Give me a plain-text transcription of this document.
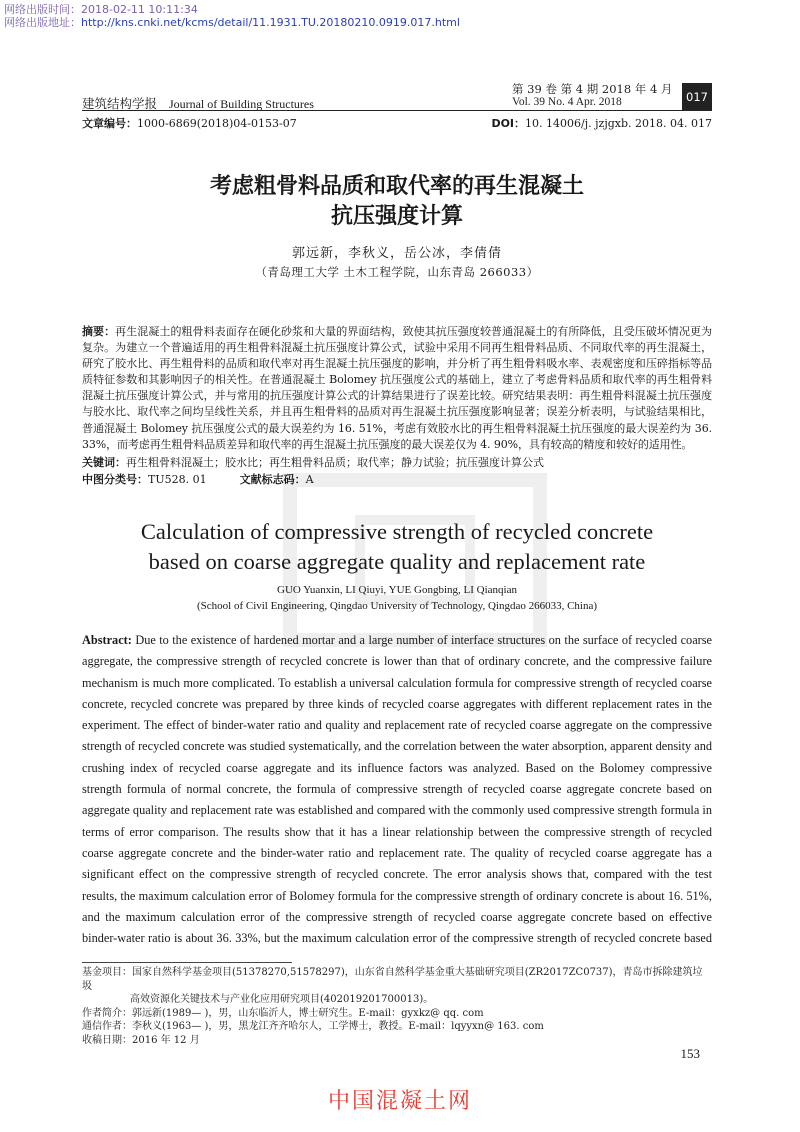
网络出版时间：2018-02-11 10:11:34
网络出版地址：http://kns.cnki.net/kcms/detail/11.1931.TU.20180210.0919.017.html
建筑结构学报 Journal of Building Structures
第 39 卷 第 4 期 2018 年 4 月
Vol. 39 No. 4 Apr. 2018	017
文章编号：1000-6869(2018)04-0153-07	DOI：10. 14006/j. jzjgxb. 2018. 04. 017
考虑粗骨料品质和取代率的再生混凝土
抗压强度计算
郭远新，李秋义，岳公冰，李倩倩
（青岛理工大学 土木工程学院，山东青岛 266033）
摘要：再生混凝土的粗骨料表面存在硬化砂浆和大量的界面结构，致使其抗压强度较普通混凝土的有所降低，且受压破坏情况更为复杂。为建立一个普遍适用的再生粗骨料混凝土抗压强度计算公式，试验中采用不同再生粗骨料品质、不同取代率的再生混凝土，研究了胶水比、再生粗骨料的品质和取代率对再生混凝土抗压强度的影响，并分析了再生粗骨料吸水率、表观密度和压碎指标等品质特征参数和其影响因子的相关性。在普通混凝土 Bolomey 抗压强度公式的基础上，建立了考虑骨料品质和取代率的再生粗骨料混凝土抗压强度计算公式，并与常用的抗压强度计算公式的计算结果进行了误差比较。研究结果表明：再生粗骨料混凝土抗压强度与胶水比、取代率之间均呈线性关系，并且再生粗骨料的品质对再生混凝土抗压强度影响显著；误差分析表明，与试验结果相比，普通混凝土 Bolomey 抗压强度公式的最大误差约为 16. 51%，考虑有效胶水比的再生粗骨料混凝土抗压强度的最大误差约为 36. 33%，而考虑再生粗骨料品质差异和取代率的再生混凝土抗压强度的最大误差仅为 4. 90%，具有较高的精度和较好的适用性。
关键词：再生粗骨料混凝土；胶水比；再生粗骨料品质；取代率；静力试验；抗压强度计算公式
中图分类号：TU528. 01	文献标志码：A
Calculation of compressive strength of recycled concrete
based on coarse aggregate quality and replacement rate
GUO Yuanxin, LI Qiuyi, YUE Gongbing, LI Qianqian
(School of Civil Engineering, Qingdao University of Technology, Qingdao 266033, China)
Abstract: Due to the existence of hardened mortar and a large number of interface structures on the surface of recycled coarse aggregate, the compressive strength of recycled concrete is lower than that of ordinary concrete, and the compressive failure mechanism is much more complicated. To establish a universal calculation formula for compressive strength of recycled coarse concrete, recycled concrete was prepared by three kinds of recycled coarse aggregates with different replacement rates in the experiment. The effect of binder-water ratio and quality and replacement rate of recycled coarse aggregate on the compressive strength of recycled concrete was studied systematically, and the correlation between the water absorption, apparent density and crushing index of recycled coarse aggregate and its influence factors was analyzed. Based on the Bolomey compressive strength formula of normal concrete, the formula of compressive strength of recycled coarse aggregate concrete based on aggregate quality and replacement rate was established and compared with the commonly used compressive strength formula in terms of error comparison. The results show that it has a linear relationship between the compressive strength of recycled coarse aggregate concrete and the binder-water ratio and replacement rate. The quality of recycled coarse aggregate has a significant effect on the compressive strength of recycled concrete. The error analysis shows that, compared with the test results, the maximum calculation error of Bolomey formula for the compressive strength of ordinary concrete is about 16. 51%, and the maximum calculation error of the compressive strength of recycled coarse aggregate concrete based on effective binder-water ratio is about 36. 33%, but the maximum calculation error of the compressive strength of recycled concrete based

基金项目：国家自然科学基金项目(51378270,51578297)，山东省自然科学基金重大基础研究项目(ZR2017ZC0737)，青岛市拆除建筑垃圾

高效资源化关键技术与产业化应用研究项目(402019201700013)。

作者简介：郭远新(1989— )，男，山东临沂人，博士研究生。E-mail：gyxkz@ qq. com

通信作者：李秋义(1963— )，男，黑龙江齐齐哈尔人，工学博士，教授。E-mail：lqyyxn@ 163. com

收稿日期：2016 年 12 月

153
中国混凝土网
